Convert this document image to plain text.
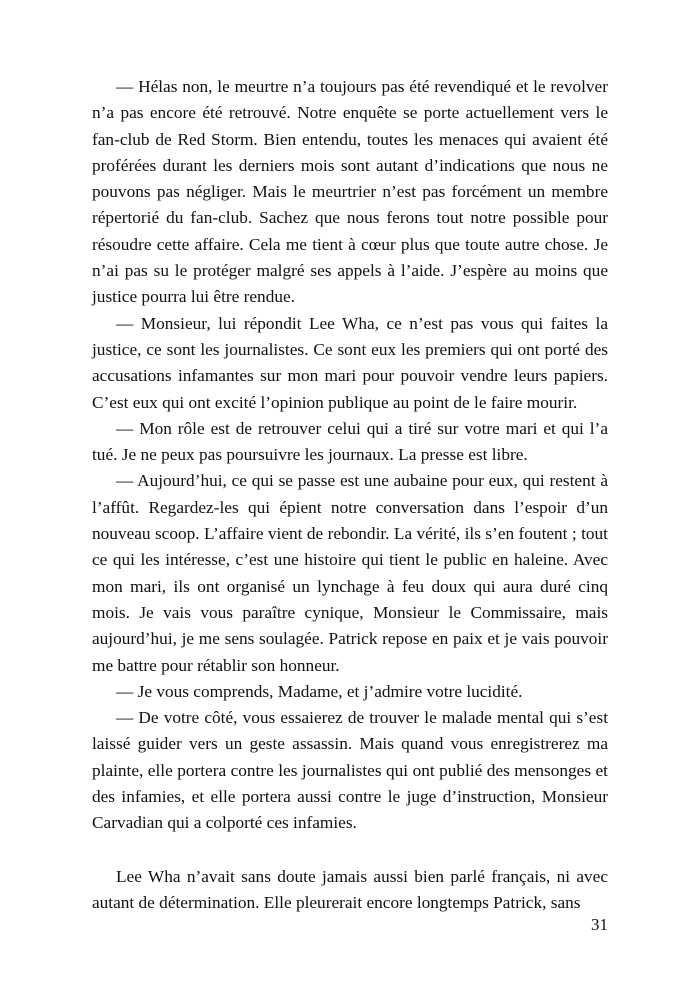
— Hélas non, le meurtre n’a toujours pas été revendiqué et le revolver n’a pas encore été retrouvé. Notre enquête se porte actuellement vers le fan-club de Red Storm. Bien entendu, toutes les menaces qui avaient été proférées durant les derniers mois sont autant d’indications que nous ne pouvons pas négliger. Mais le meurtrier n’est pas forcément un membre répertorié du fan-club. Sachez que nous ferons tout notre possible pour résoudre cette affaire. Cela me tient à cœur plus que toute autre chose. Je n’ai pas su le protéger malgré ses appels à l’aide. J’espère au moins que justice pourra lui être rendue.

— Monsieur, lui répondit Lee Wha, ce n’est pas vous qui faites la justice, ce sont les journalistes. Ce sont eux les premiers qui ont porté des accusations infamantes sur mon mari pour pouvoir vendre leurs papiers. C’est eux qui ont excité l’opinion publique au point de le faire mourir.

— Mon rôle est de retrouver celui qui a tiré sur votre mari et qui l’a tué. Je ne peux pas poursuivre les journaux. La presse est libre.

— Aujourd’hui, ce qui se passe est une aubaine pour eux, qui restent à l’affût. Regardez-les qui épient notre conversation dans l’espoir d’un nouveau scoop. L’affaire vient de rebondir. La vérité, ils s’en foutent ; tout ce qui les intéresse, c’est une histoire qui tient le public en haleine. Avec mon mari, ils ont organisé un lynchage à feu doux qui aura duré cinq mois. Je vais vous paraître cynique, Monsieur le Commissaire, mais aujourd’hui, je me sens soulagée. Patrick repose en paix et je vais pouvoir me battre pour rétablir son honneur.

— Je vous comprends, Madame, et j’admire votre lucidité.

— De votre côté, vous essaierez de trouver le malade mental qui s’est laissé guider vers un geste assassin. Mais quand vous enregistrerez ma plainte, elle portera contre les journalistes qui ont publié des mensonges et des infamies, et elle portera aussi contre le juge d’instruction, Monsieur Carvadian qui a colporté ces infamies.

Lee Wha n’avait sans doute jamais aussi bien parlé français, ni avec autant de détermination. Elle pleurerait encore longtemps Patrick, sans

31
